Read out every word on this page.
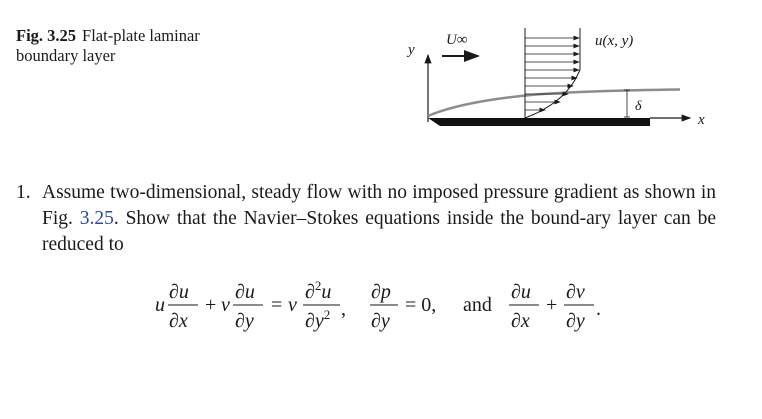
Fig. 3.25 Flat-plate laminar boundary layer	y
x
U∞	u(x, y)
δ
1. Assume two-dimensional, steady flow with no imposed pressure gradient as shown in Fig. 3.25. Show that the Navier–Stokes equations inside the bound-ary layer can be reduced to
u
∂u
∂x
+ v
∂u
∂y
= ν
∂$^2$u
$\partial y^2$ ,
∂p
∂y
= 0, and
∂u
∂x
+
∂v
∂y
.
